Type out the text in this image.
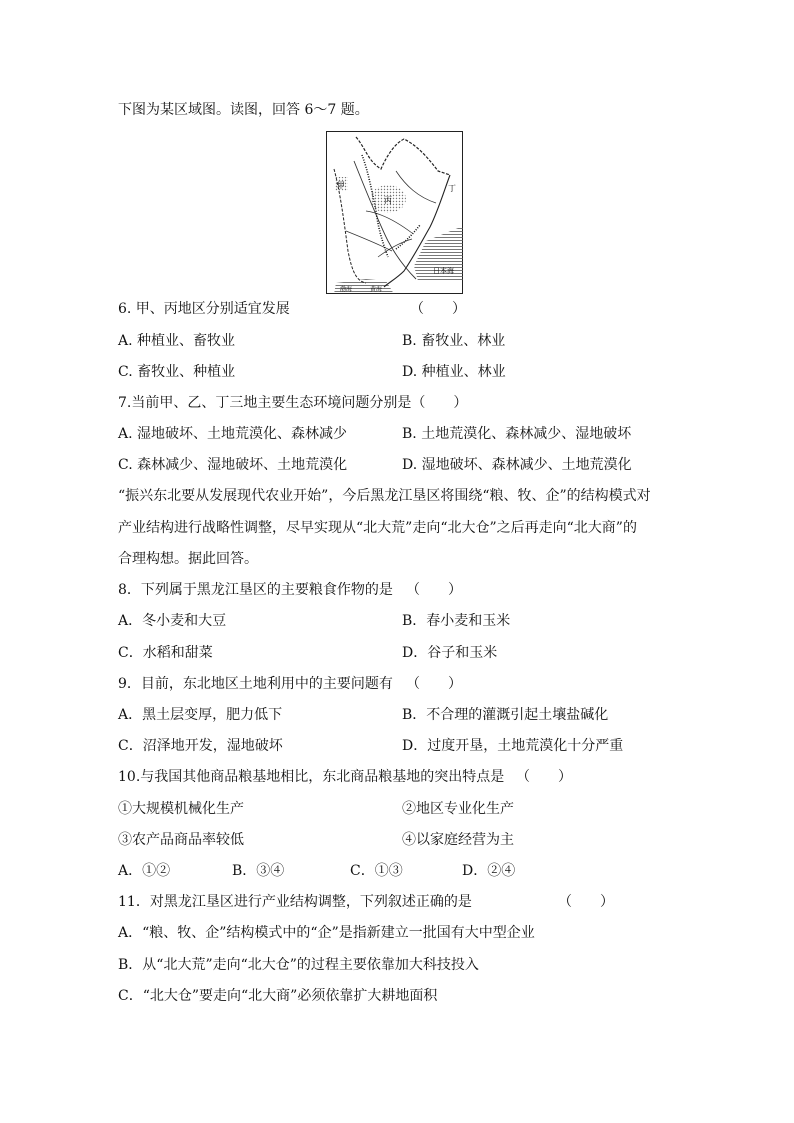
下图为某区域图。读图，回答 6～7 题。
甲
丙
丁
日本海
渤海	黄海
6. 甲、丙地区分别适宜发展	（　　）
A. 种植业、畜牧业	B. 畜牧业、林业
C. 畜牧业、种植业	D. 种植业、林业
7.当前甲、乙、丁三地主要生态环境问题分别是（　　）
A. 湿地破坏、土地荒漠化、森林减少	B. 土地荒漠化、森林减少、湿地破坏
C. 森林减少、湿地破坏、土地荒漠化	D. 湿地破坏、森林减少、土地荒漠化
“振兴东北要从发展现代农业开始”，今后黑龙江垦区将围绕“粮、牧、企”的结构模式对
产业结构进行战略性调整，尽早实现从“北大荒”走向“北大仓”之后再走向“北大商”的
合理构想。据此回答。
8．下列属于黑龙江垦区的主要粮食作物的是 （　　）
A．冬小麦和大豆	B．春小麦和玉米
C．水稻和甜菜	D．谷子和玉米
9．目前，东北地区土地利用中的主要问题有 （　　）
A．黑土层变厚，肥力低下	B．不合理的灌溉引起土壤盐碱化
C．沼泽地开发，湿地破坏	D．过度开垦，土地荒漠化十分严重
10.与我国其他商品粮基地相比，东北商品粮基地的突出特点是 （　　）
①大规模机械化生产	②地区专业化生产
③农产品商品率较低	④以家庭经营为主
A．①②	B．③④	C．①③	D．②④
11．对黑龙江垦区进行产业结构调整，下列叙述正确的是	（　　）
A．“粮、牧、企”结构模式中的“企”是指新建立一批国有大中型企业
B．从“北大荒”走向“北大仓”的过程主要依靠加大科技投入
C．“北大仓”要走向“北大商”必须依靠扩大耕地面积
